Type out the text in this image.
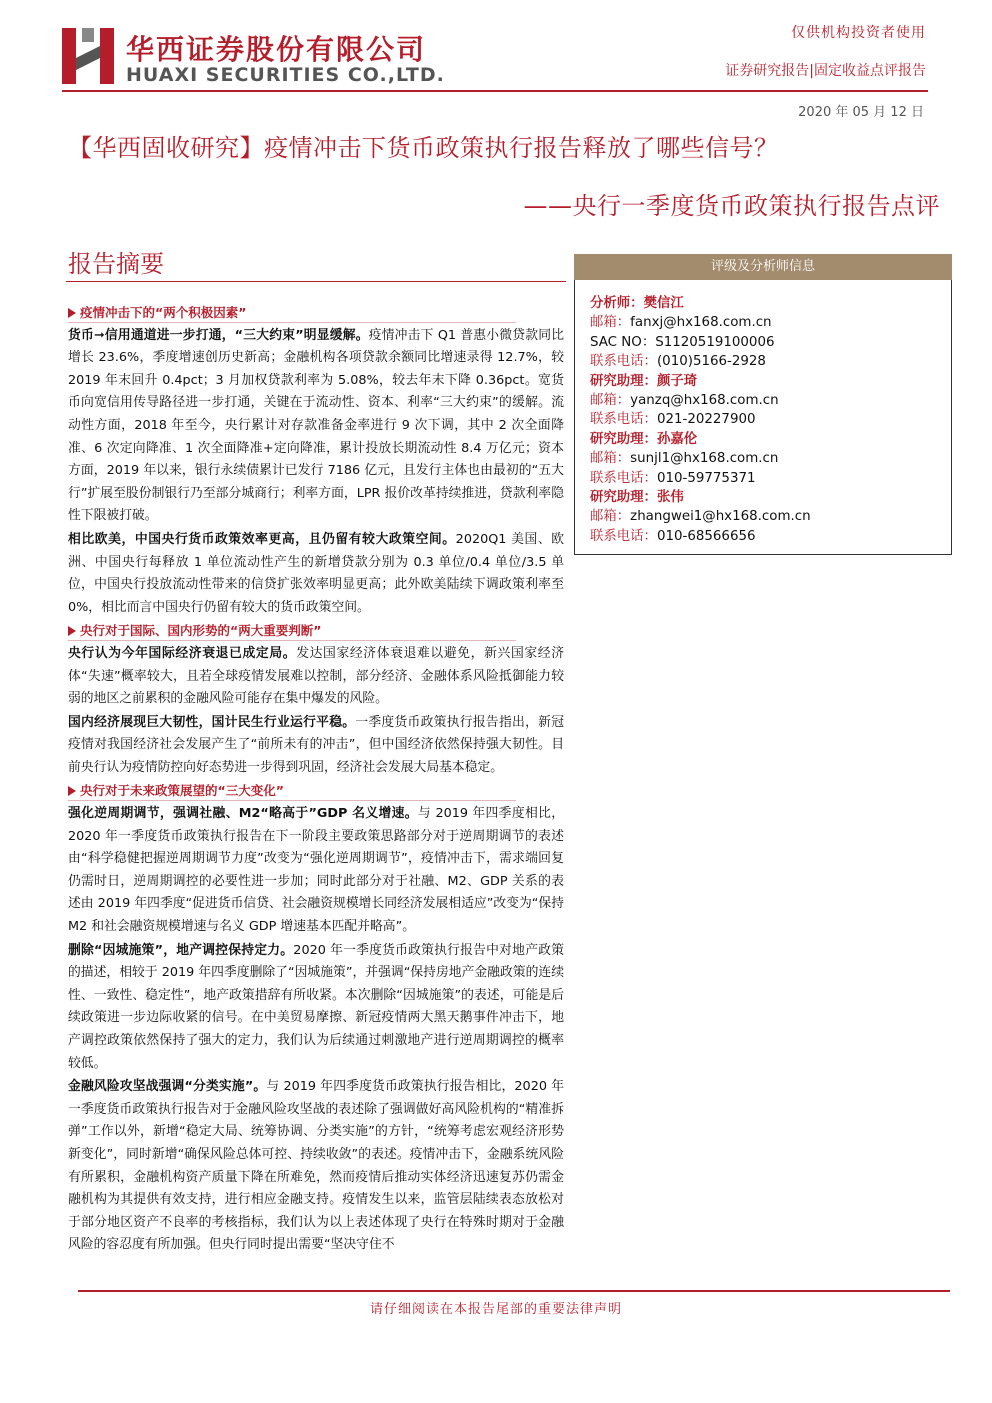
华西证券股份有限公司
HUAXI SECURITIES CO.,LTD.
仅供机构投资者使用
证券研究报告|固定收益点评报告
2020 年 05 月 12 日
【华西固收研究】疫情冲击下货币政策执行报告释放了哪些信号？
——央行一季度货币政策执行报告点评
报告摘要
疫情冲击下的“两个积极因素”

货币➞信用通道进一步打通，“三大约束”明显缓解。疫情冲击下 Q1 普惠小微贷款同比增长 23.6%，季度增速创历史新高；金融机构各项贷款余额同比增速录得 12.7%，较 2019 年末回升 0.4pct；3 月加权贷款利率为 5.08%，较去年末下降 0.36pct。宽货币向宽信用传导路径进一步打通，关键在于流动性、资本、利率“三大约束”的缓解。流动性方面，2018 年至今，央行累计对存款准备金率进行 9 次下调，其中 2 次全面降准、6 次定向降准、1 次全面降准+定向降准，累计投放长期流动性 8.4 万亿元；资本方面，2019 年以来，银行永续债累计已发行 7186 亿元，且发行主体也由最初的“五大行”扩展至股份制银行乃至部分城商行；利率方面，LPR 报价改革持续推进，贷款利率隐性下限被打破。

相比欧美，中国央行货币政策效率更高，且仍留有较大政策空间。2020Q1 美国、欧洲、中国央行每释放 1 单位流动性产生的新增贷款分别为 0.3 单位/0.4 单位/3.5 单位，中国央行投放流动性带来的信贷扩张效率明显更高；此外欧美陆续下调政策利率至 0%，相比而言中国央行仍留有较大的货币政策空间。

央行对于国际、国内形势的“两大重要判断”

央行认为今年国际经济衰退已成定局。发达国家经济体衰退难以避免，新兴国家经济体“失速”概率较大，且若全球疫情发展难以控制，部分经济、金融体系风险抵御能力较弱的地区之前累积的金融风险可能存在集中爆发的风险。

国内经济展现巨大韧性，国计民生行业运行平稳。一季度货币政策执行报告指出，新冠疫情对我国经济社会发展产生了“前所未有的冲击”，但中国经济依然保持强大韧性。目前央行认为疫情防控向好态势进一步得到巩固，经济社会发展大局基本稳定。

央行对于未来政策展望的“三大变化”

强化逆周期调节，强调社融、M2“略高于”GDP 名义增速。与 2019 年四季度相比，2020 年一季度货币政策执行报告在下一阶段主要政策思路部分对于逆周期调节的表述由“科学稳健把握逆周期调节力度”改变为“强化逆周期调节”，疫情冲击下，需求端回复仍需时日，逆周期调控的必要性进一步加；同时此部分对于社融、M2、GDP 关系的表述由 2019 年四季度“促进货币信贷、社会融资规模增长同经济发展相适应”改变为“保持 M2 和社会融资规模增速与名义 GDP 增速基本匹配并略高”。

删除“因城施策”，地产调控保持定力。2020 年一季度货币政策执行报告中对地产政策的描述，相较于 2019 年四季度删除了“因城施策”，并强调“保持房地产金融政策的连续性、一致性、稳定性”，地产政策措辞有所收紧。本次删除“因城施策”的表述，可能是后续政策进一步边际收紧的信号。在中美贸易摩擦、新冠疫情两大黑天鹅事件冲击下，地产调控政策依然保持了强大的定力，我们认为后续通过刺激地产进行逆周期调控的概率较低。

金融风险攻坚战强调“分类实施”。与 2019 年四季度货币政策执行报告相比，2020 年一季度货币政策执行报告对于金融风险攻坚战的表述除了强调做好高风险机构的“精准拆弹”工作以外，新增“稳定大局、统筹协调、分类实施”的方针，“统筹考虑宏观经济形势新变化”，同时新增“确保风险总体可控、持续收敛”的表述。疫情冲击下，金融系统风险有所累积，金融机构资产质量下降在所难免，然而疫情后推动实体经济迅速复苏仍需金融机构为其提供有效支持，进行相应金融支持。疫情发生以来，监管层陆续表态放松对于部分地区资产不良率的考核指标，我们认为以上表述体现了央行在特殊时期对于金融风险的容忍度有所加强。但央行同时提出需要“坚决守住不

评级及分析师信息
分析师：樊信江
邮箱：fanxj@hx168.com.cn
SAC NO：S1120519100006
联系电话：(010)5166-2928
研究助理：颜子琦
邮箱：yanzq@hx168.com.cn
联系电话：021-20227900
研究助理：孙嘉伦
邮箱：sunjl1@hx168.com.cn
联系电话：010-59775371
研究助理：张伟
邮箱：zhangwei1@hx168.com.cn
联系电话：010-68566656
请仔细阅读在本报告尾部的重要法律声明
